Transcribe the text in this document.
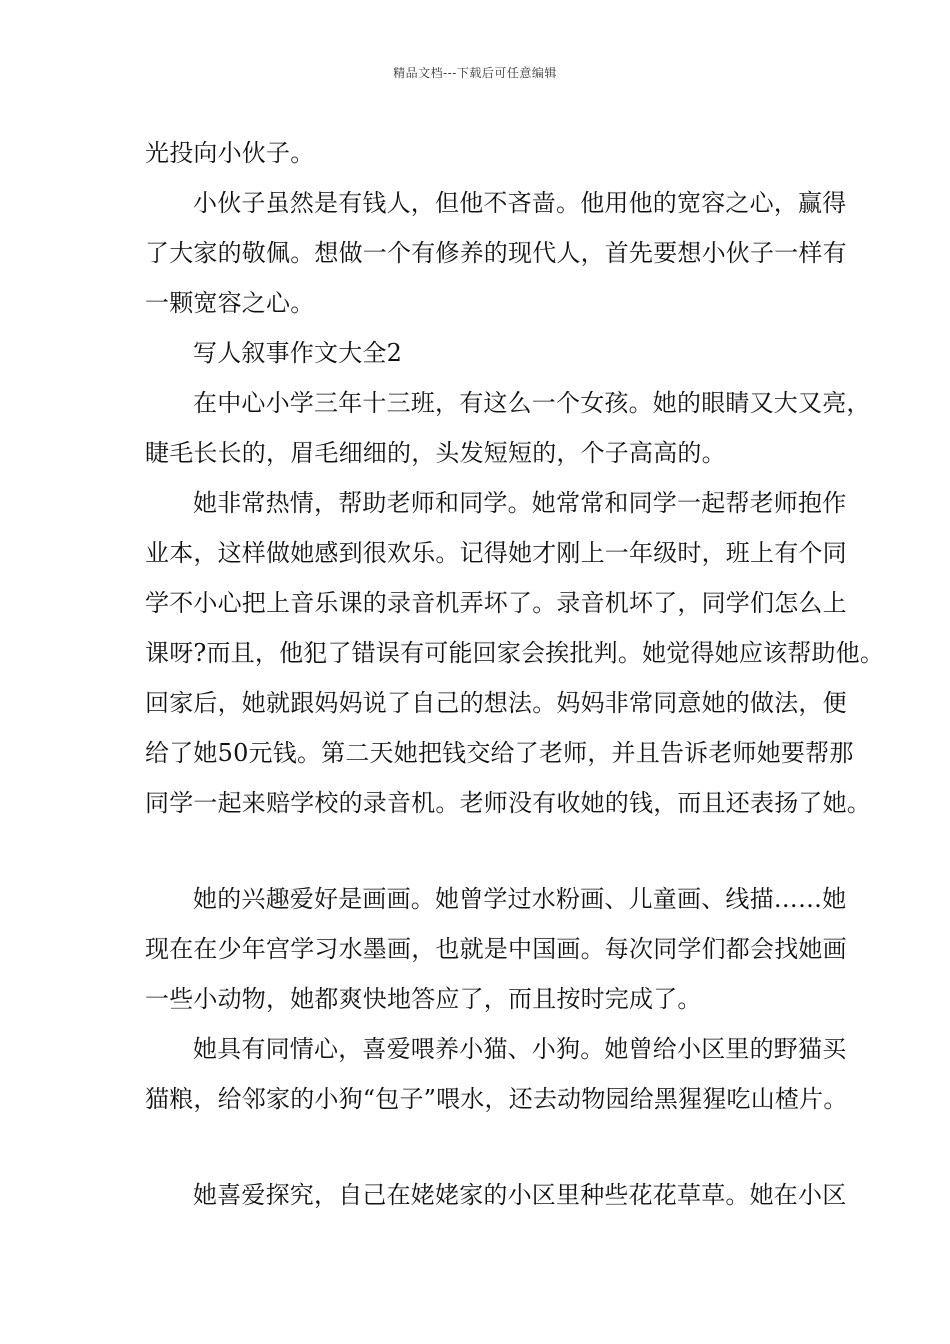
精品文档---下载后可任意编辑
光投向小伙子。
小伙子虽然是有钱人，但他不吝啬。他用他的宽容之心，赢得
了大家的敬佩。想做一个有修养的现代人，首先要想小伙子一样有
一颗宽容之心。
写人叙事作文大全2
在中心小学三年十三班，有这么一个女孩。她的眼睛又大又亮，
睫毛长长的，眉毛细细的，头发短短的，个子高高的。
她非常热情，帮助老师和同学。她常常和同学一起帮老师抱作
业本，这样做她感到很欢乐。记得她才刚上一年级时，班上有个同
学不小心把上音乐课的录音机弄坏了。录音机坏了，同学们怎么上
课呀?而且，他犯了错误有可能回家会挨批判。她觉得她应该帮助他。
回家后，她就跟妈妈说了自己的想法。妈妈非常同意她的做法，便
给了她50元钱。第二天她把钱交给了老师，并且告诉老师她要帮那
同学一起来赔学校的录音机。老师没有收她的钱，而且还表扬了她。
她的兴趣爱好是画画。她曾学过水粉画、儿童画、线描……她
现在在少年宫学习水墨画，也就是中国画。每次同学们都会找她画
一些小动物，她都爽快地答应了，而且按时完成了。
她具有同情心，喜爱喂养小猫、小狗。她曾给小区里的野猫买
猫粮，给邻家的小狗“包子”喂水，还去动物园给黑猩猩吃山楂片。
她喜爱探究，自己在姥姥家的小区里种些花花草草。她在小区
